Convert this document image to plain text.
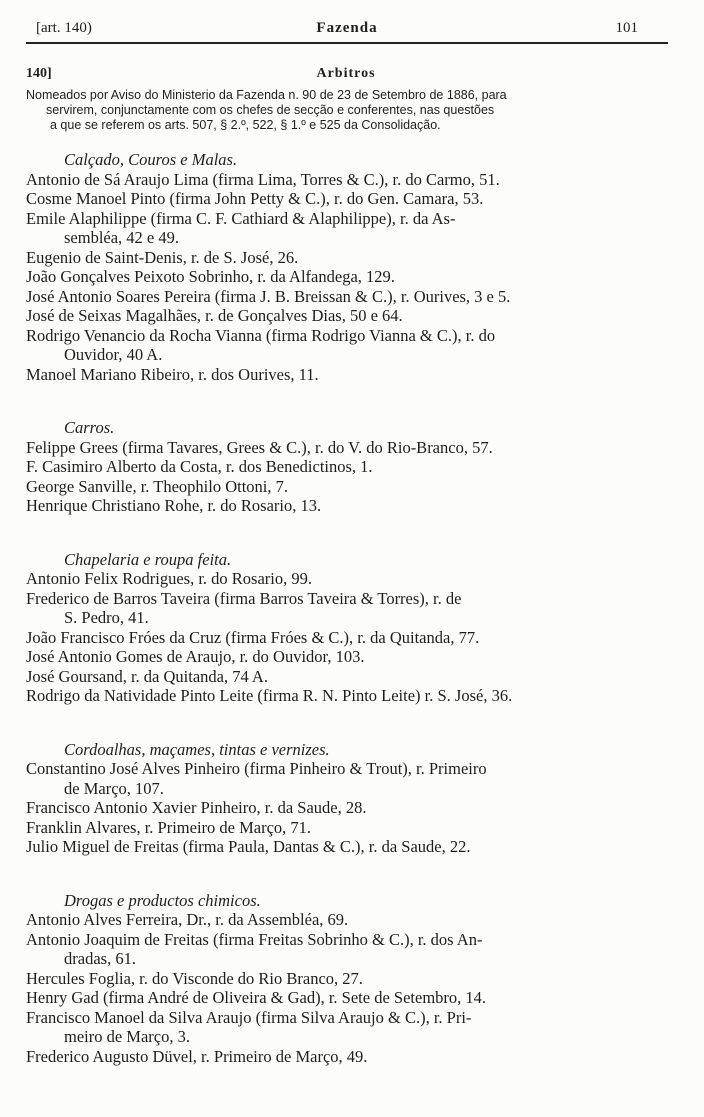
[art. 140)	Fazenda	101
140]	Arbitros
Nomeados por Aviso do Ministerio da Fazenda n. 90 de 23 de Setembro de 1886, para
servirem, conjunctamente com os chefes de secção e conferentes, nas questões
a que se referem os arts. 507, § 2.º, 522, § 1.º e 525 da Consolidação.
Calçado, Couros e Malas.
Antonio de Sá Araujo Lima (firma Lima, Torres & C.), r. do Carmo, 51.
Cosme Manoel Pinto (firma John Petty & C.), r. do Gen. Camara, 53.
Emile Alaphilippe (firma C. F. Cathiard & Alaphilippe), r. da As-

sembléa, 42 e 49.
Eugenio de Saint-Denis, r. de S. José, 26.
João Gonçalves Peixoto Sobrinho, r. da Alfandega, 129.
José Antonio Soares Pereira (firma J. B. Breissan & C.), r. Ourives, 3 e 5.
José de Seixas Magalhães, r. de Gonçalves Dias, 50 e 64.
Rodrigo Venancio da Rocha Vianna (firma Rodrigo Vianna & C.), r. do

Ouvidor, 40 A.
Manoel Mariano Ribeiro, r. dos Ourives, 11.
Carros.
Felippe Grees (firma Tavares, Grees & C.), r. do V. do Rio-Branco, 57.
F. Casimiro Alberto da Costa, r. dos Benedictinos, 1.
George Sanville, r. Theophilo Ottoni, 7.
Henrique Christiano Rohe, r. do Rosario, 13.
Chapelaria e roupa feita.
Antonio Felix Rodrigues, r. do Rosario, 99.
Frederico de Barros Taveira (firma Barros Taveira & Torres), r. de

S. Pedro, 41.
João Francisco Fróes da Cruz (firma Fróes & C.), r. da Quitanda, 77.
José Antonio Gomes de Araujo, r. do Ouvidor, 103.
José Goursand, r. da Quitanda, 74 A.
Rodrigo da Natividade Pinto Leite (firma R. N. Pinto Leite) r. S. José, 36.
Cordoalhas, maçames, tintas e vernizes.
Constantino José Alves Pinheiro (firma Pinheiro & Trout), r. Primeiro

de Março, 107.
Francisco Antonio Xavier Pinheiro, r. da Saude, 28.
Franklin Alvares, r. Primeiro de Março, 71.
Julio Miguel de Freitas (firma Paula, Dantas & C.), r. da Saude, 22.
Drogas e productos chimicos.
Antonio Alves Ferreira, Dr., r. da Assembléa, 69.
Antonio Joaquim de Freitas (firma Freitas Sobrinho & C.), r. dos An-

dradas, 61.
Hercules Foglia, r. do Visconde do Rio Branco, 27.
Henry Gad (firma André de Oliveira & Gad), r. Sete de Setembro, 14.
Francisco Manoel da Silva Araujo (firma Silva Araujo & C.), r. Pri-

meiro de Março, 3.
Frederico Augusto Düvel, r. Primeiro de Março, 49.
